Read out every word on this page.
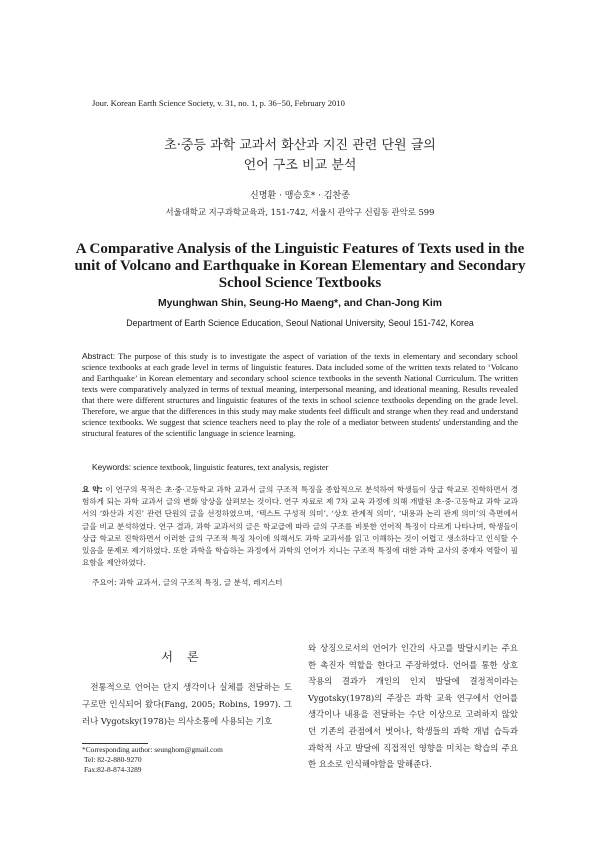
Jour. Korean Earth Science Society, v. 31, no. 1, p. 36−50, February 2010
초·중등 과학 교과서 화산과 지진 관련 단원 글의
언어 구조 비교 분석
신명환 · 맹승호* · 김찬종
서울대학교 지구과학교육과, 151-742, 서울시 관악구 신림동 관악로 599
A Comparative Analysis of the Linguistic Features of Texts used in the unit of Volcano and Earthquake in Korean Elementary and Secondary School Science Textbooks
Myunghwan Shin, Seung-Ho Maeng*, and Chan-Jong Kim
Department of Earth Science Education, Seoul National University, Seoul 151-742, Korea
Abstract: The purpose of this study is to investigate the aspect of variation of the texts in elementary and secondary school science textbooks at each grade level in terms of linguistic features. Data included some of the written texts related to ‘Volcano and Earthquake’ in Korean elementary and secondary school science textbooks in the seventh National Curriculum. The written texts were comparatively analyzed in terms of textual meaning, interpersonal meaning, and ideational meaning. Results revealed that there were different structures and linguistic features of the texts in school science textbooks depending on the grade level. Therefore, we argue that the differences in this study may make students feel difficult and strange when they read and understand science textbooks. We suggest that science teachers need to play the role of a mediator between students' understanding and the structural features of the scientific language in science learning.
Keywords: science textbook, linguistic features, text analysis, register
요 약: 이 연구의 목적은 초·중·고등학교 과학 교과서 글의 구조적 특징을 종합적으로 분석하여 학생들이 상급 학교로 진학하면서 경험하게 되는 과학 교과서 글의 변화 양상을 살펴보는 것이다. 연구 자료로 제 7차 교육 과정에 의해 개발된 초·중·고등학교 과학 교과서의 ‘화산과 지진’ 관련 단원의 글을 선정하였으며, ‘텍스트 구성적 의미’, ‘상호 관계적 의미’, ‘내용과 논리 관계 의미’의 측면에서 글을 비교 분석하였다. 연구 결과, 과학 교과서의 글은 학교급에 따라 글의 구조를 비롯한 언어적 특징이 다르게 나타나며, 학생들이 상급 학교로 진학하면서 이러한 글의 구조적 특징 차이에 의해서도 과학 교과서를 읽고 이해하는 것이 어렵고 생소하다고 인식할 수 있음을 문제로 제기하였다. 또한 과학을 학습하는 과정에서 과학의 언어가 지니는 구조적 특징에 대한 과학 교사의 중재자 역할이 필요함을 제안하였다.
주요어: 과학 교과서, 글의 구조적 특징, 글 분석, 레지스터
서론
전통적으로 언어는 단지 생각이나 실체를 전달하는 도구로만 인식되어 왔다(Fang, 2005; Robins, 1997). 그러나 Vygotsky(1978)는 의사소통에 사용되는 기호
와 상징으로서의 언어가 인간의 사고를 발달시키는 주요한 촉진자 역할을 한다고 주장하였다. 언어를 통한 상호 작용의 결과가 개인의 인지 발달에 결정적이라는 Vygotsky(1978)의 주장은 과학 교육 연구에서 언어를 생각이나 내용을 전달하는 수단 이상으로 고려하지 않았던 기존의 관점에서 벗어나, 학생들의 과학 개념 습득과 과학적 사고 발달에 직접적인 영향을 미치는 학습의 주요한 요소로 인식해야함을 말해준다.
*Corresponding author: seunghom@gmail.com
Tel: 82-2-880-9270
Fax:82-8-874-3289
